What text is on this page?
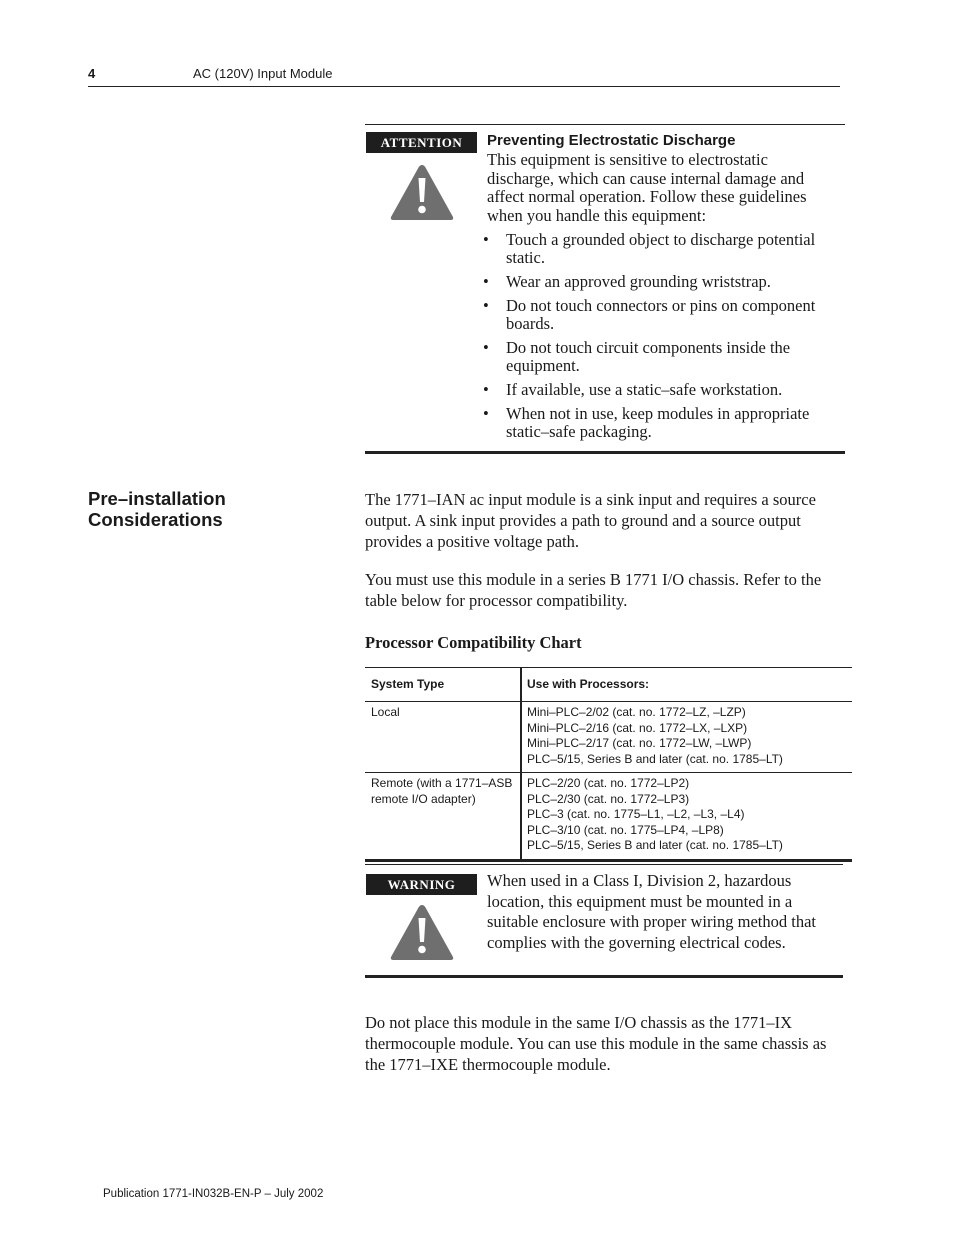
4	AC (120V) Input Module
ATTENTION	Preventing Electrostatic Discharge
This equipment is sensitive to electrostatic discharge, which can cause internal damage and affect normal operation. Follow these guidelines when you handle this equipment:
• Touch a grounded object to discharge potential static.
• Wear an approved grounding wriststrap.
• Do not touch connectors or pins on component boards.
• Do not touch circuit components inside the equipment.
• If available, use a static–safe workstation.
• When not in use, keep modules in appropriate static–safe packaging.
Pre–installation Considerations
The 1771–IAN ac input module is a sink input and requires a source output. A sink input provides a path to ground and a source output provides a positive voltage path.
You must use this module in a series B 1771 I/O chassis. Refer to the table below for processor compatibility.
Processor Compatibility Chart
System Type	Use with Processors:
Local	Mini–PLC–2/02 (cat. no. 1772–LZ, –LZP)
Mini–PLC–2/16 (cat. no. 1772–LX, –LXP)
Mini–PLC–2/17 (cat. no. 1772–LW, –LWP)
PLC–5/15, Series B and later (cat. no. 1785–LT)

Remote (with a 1771–ASB remote I/O adapter)	PLC–2/20 (cat. no. 1772–LP2)
PLC–2/30 (cat. no. 1772–LP3)
PLC–3 (cat. no. 1775–L1, –L2, –L3, –L4)
PLC–3/10 (cat. no. 1775–LP4, –LP8)
PLC–5/15, Series B and later (cat. no. 1785–LT)
WARNING	When used in a Class I, Division 2, hazardous location, this equipment must be mounted in a suitable enclosure with proper wiring method that complies with the governing electrical codes.
Do not place this module in the same I/O chassis as the 1771–IX thermocouple module. You can use this module in the same chassis as the 1771–IXE thermocouple module.
Publication 1771-IN032B-EN-P – July 2002
